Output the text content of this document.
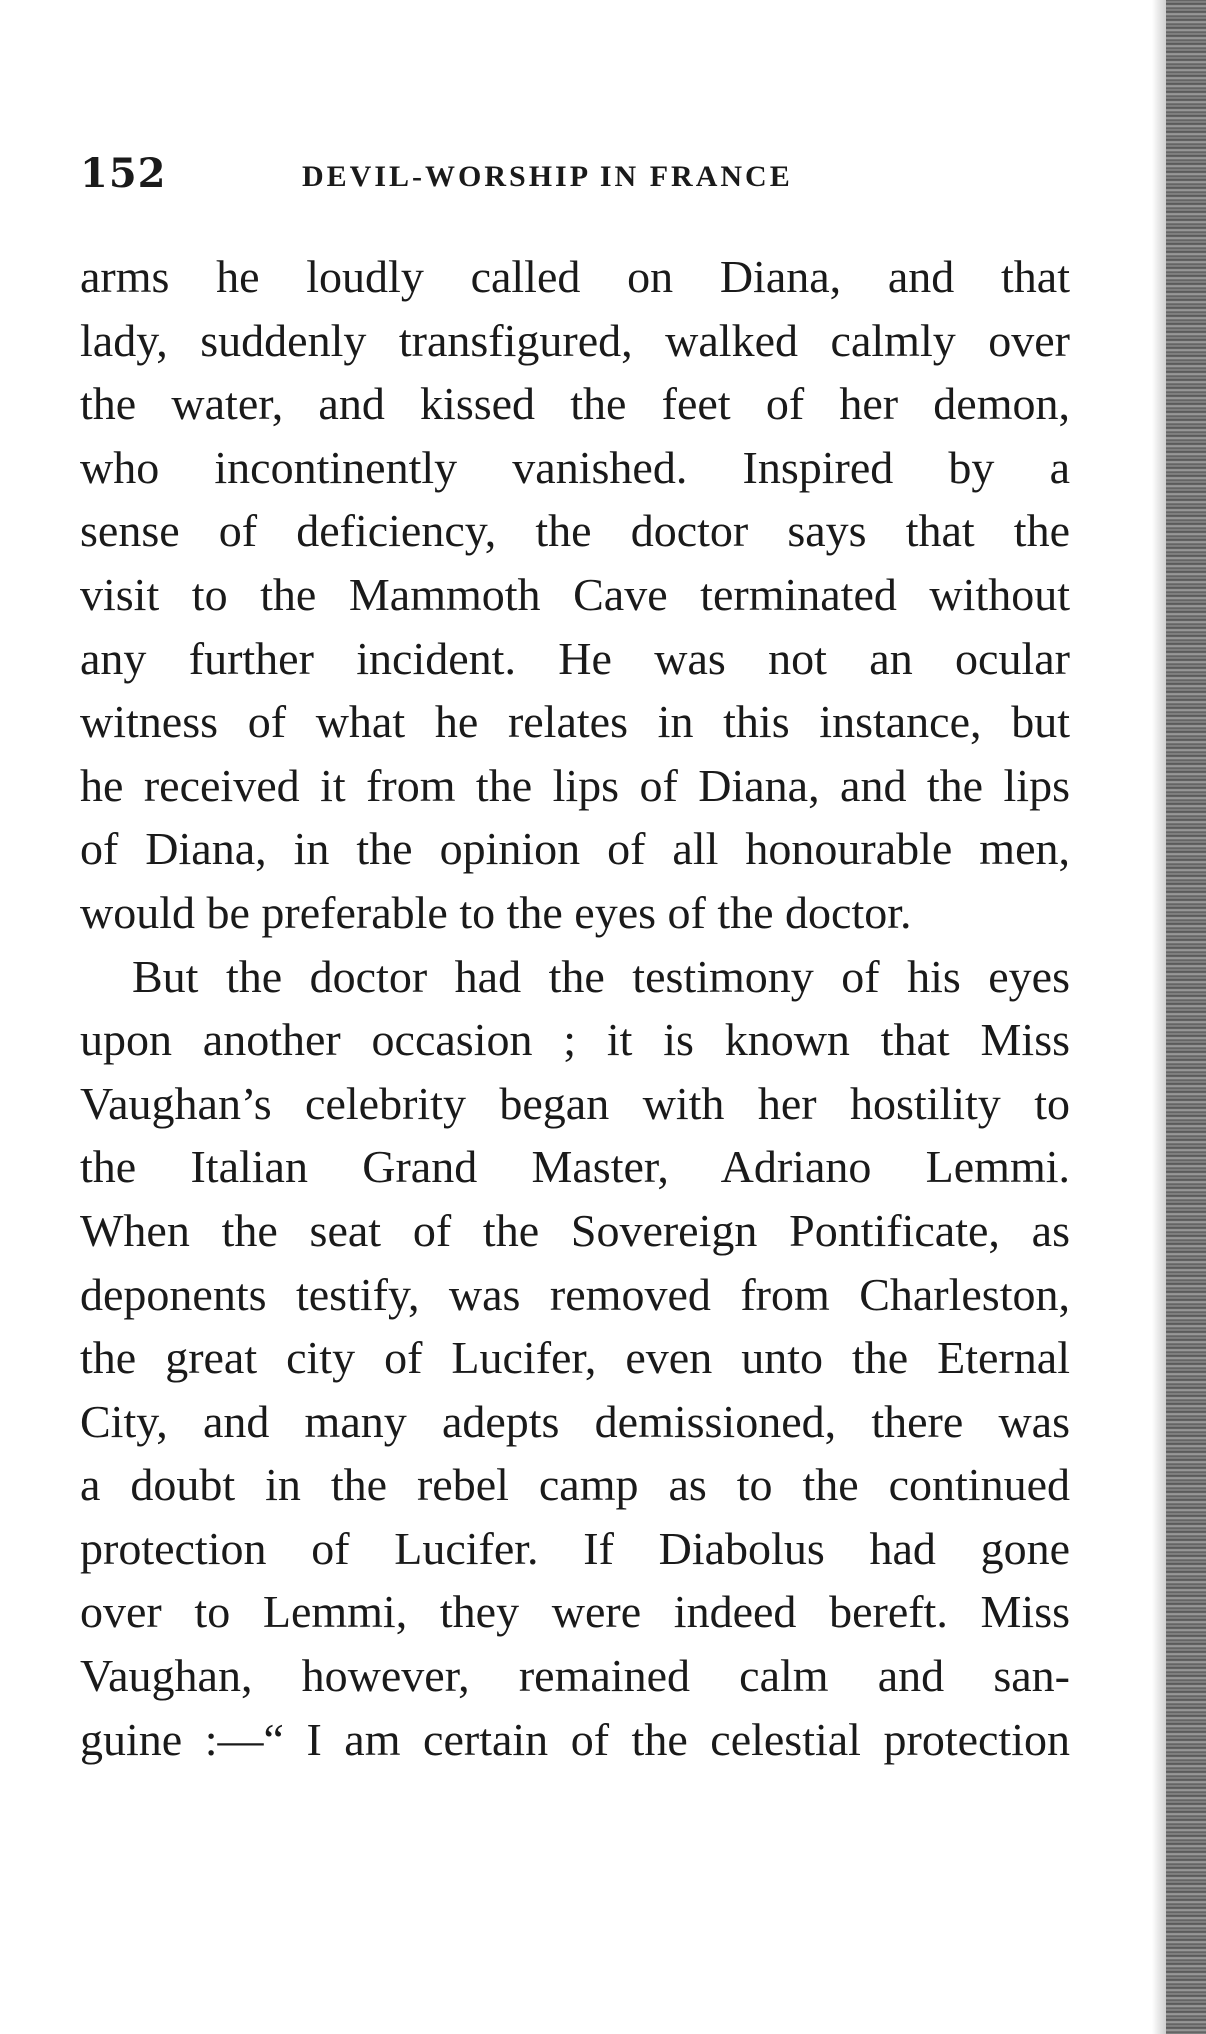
152	DEVIL-WORSHIP IN FRANCE
arms he loudly called on Diana, and that
lady, suddenly transfigured, walked calmly over
the water, and kissed the feet of her demon,
who incontinently vanished. Inspired by a
sense of deficiency, the doctor says that the
visit to the Mammoth Cave terminated without
any further incident. He was not an ocular
witness of what he relates in this instance, but
he received it from the lips of Diana, and the lips
of Diana, in the opinion of all honourable men,
would be preferable to the eyes of the doctor.
But the doctor had the testimony of his eyes
upon another occasion ; it is known that Miss
Vaughan’s celebrity began with her hostility to
the Italian Grand Master, Adriano Lemmi.
When the seat of the Sovereign Pontificate, as
deponents testify, was removed from Charleston,
the great city of Lucifer, even unto the Eternal
City, and many adepts demissioned, there was
a doubt in the rebel camp as to the continued
protection of Lucifer. If Diabolus had gone
over to Lemmi, they were indeed bereft. Miss
Vaughan, however, remained calm and san-
guine :—“ I am certain of the celestial protection
